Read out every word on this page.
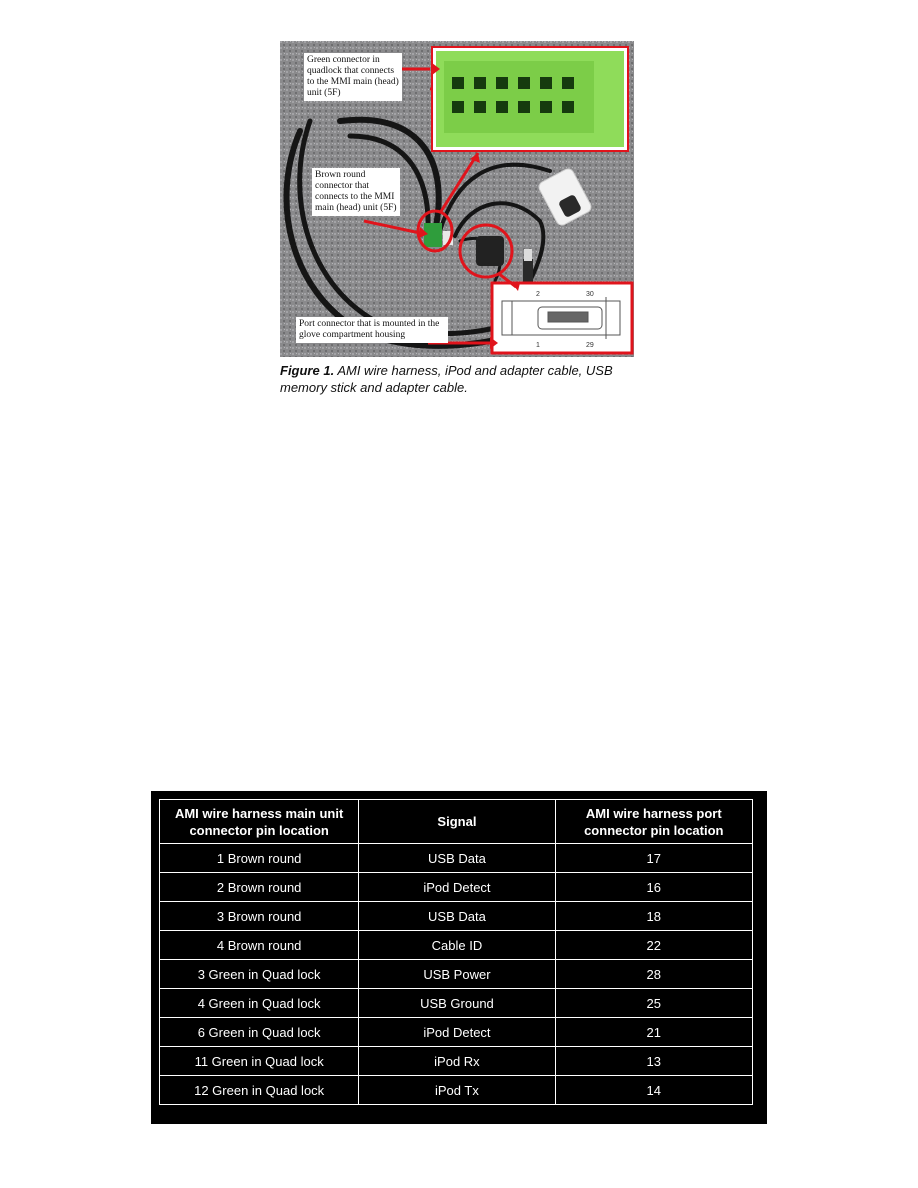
2	30
1	29
Green connector in quadlock that connects to the MMI main (head) unit (5F)
Brown round connector that connects to the MMI main (head) unit (5F)
Port connector that is mounted in the glove compartment housing
Figure 1. AMI wire harness, iPod and adapter cable, USB memory stick and adapter cable.
AMI wire harness main unit connector pin location	Signal	AMI wire harness port connector pin location
1 Brown round	USB Data	17
2 Brown round	iPod Detect	16
3 Brown round	USB Data	18
4 Brown round	Cable ID	22
3 Green in Quad lock	USB Power	28
4 Green in Quad lock	USB Ground	25
6 Green in Quad lock	iPod Detect	21
11 Green in Quad lock	iPod Rx	13
12 Green in Quad lock	iPod Tx	14
